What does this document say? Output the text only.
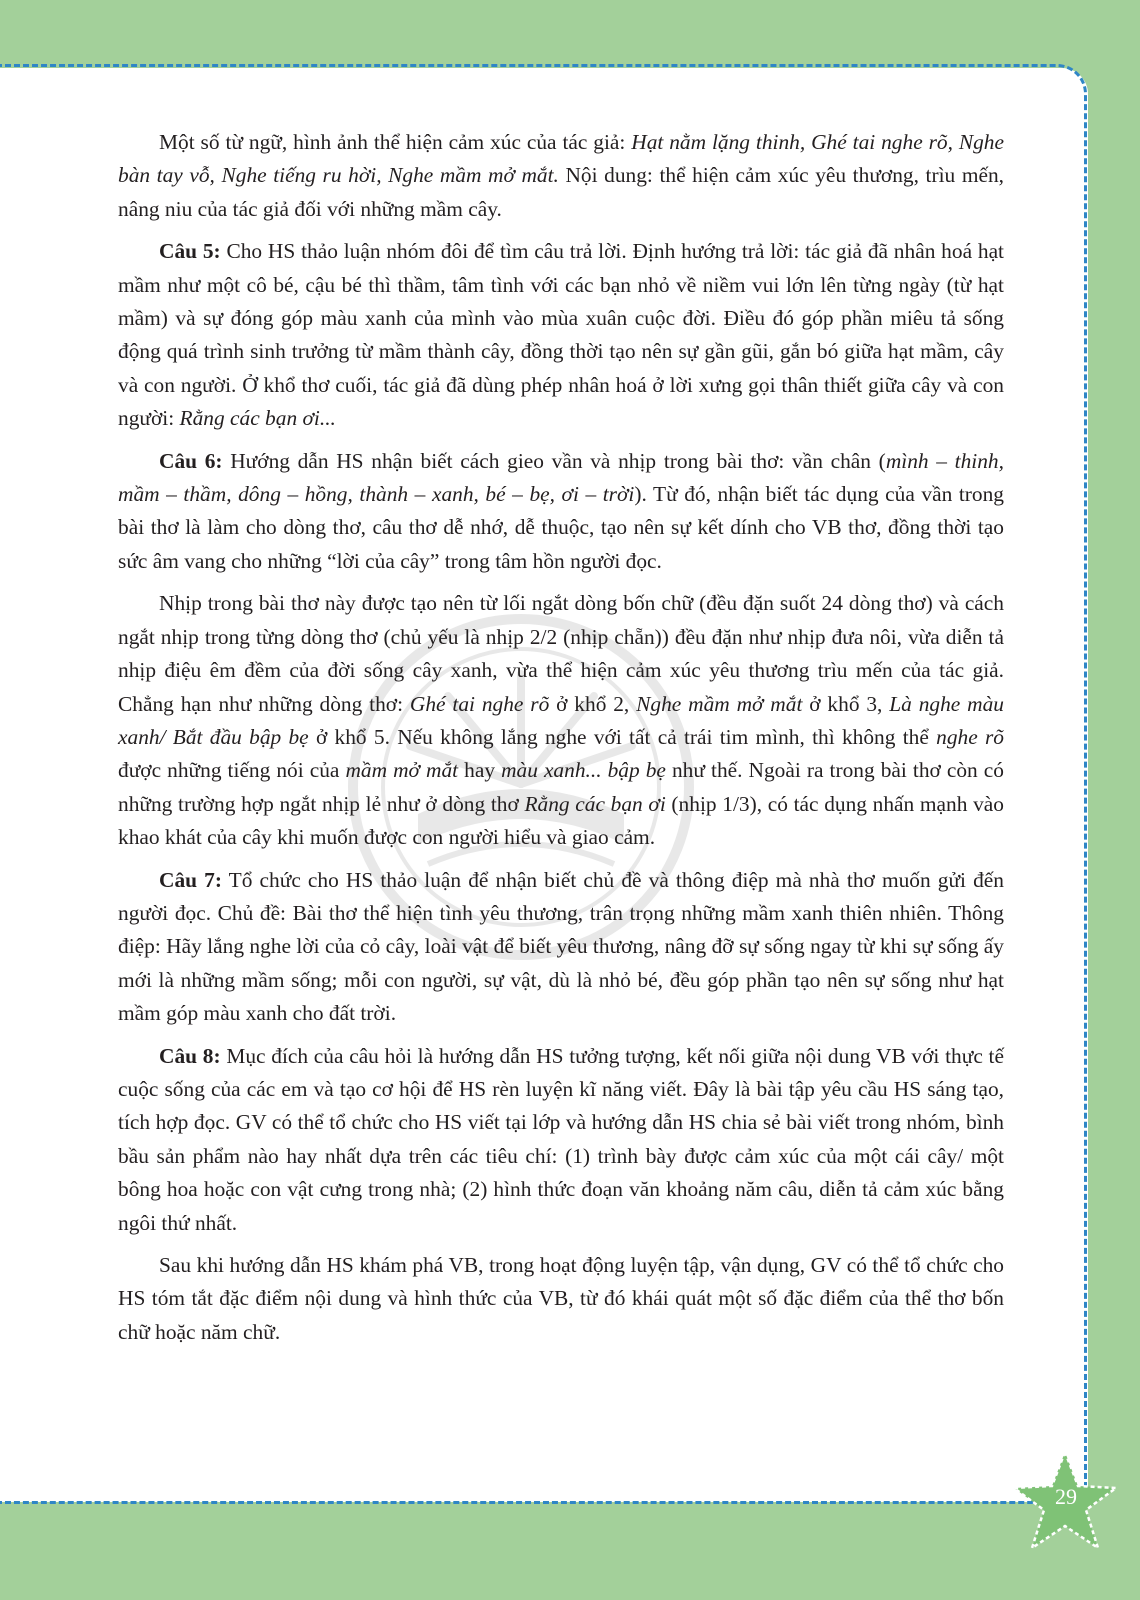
Một số từ ngữ, hình ảnh thể hiện cảm xúc của tác giả: Hạt nằm lặng thinh, Ghé tai nghe rõ, Nghe bàn tay vỗ, Nghe tiếng ru hời, Nghe mầm mở mắt. Nội dung: thể hiện cảm xúc yêu thương, trìu mến, nâng niu của tác giả đối với những mầm cây.

Câu 5: Cho HS thảo luận nhóm đôi để tìm câu trả lời. Định hướng trả lời: tác giả đã nhân hoá hạt mầm như một cô bé, cậu bé thì thầm, tâm tình với các bạn nhỏ về niềm vui lớn lên từng ngày (từ hạt mầm) và sự đóng góp màu xanh của mình vào mùa xuân cuộc đời. Điều đó góp phần miêu tả sống động quá trình sinh trưởng từ mầm thành cây, đồng thời tạo nên sự gần gũi, gắn bó giữa hạt mầm, cây và con người. Ở khổ thơ cuối, tác giả đã dùng phép nhân hoá ở lời xưng gọi thân thiết giữa cây và con người: Rằng các bạn ơi...

Câu 6: Hướng dẫn HS nhận biết cách gieo vần và nhịp trong bài thơ: vần chân (mình – thinh, mầm – thầm, dông – hồng, thành – xanh, bé – bẹ, ơi – trời). Từ đó, nhận biết tác dụng của vần trong bài thơ là làm cho dòng thơ, câu thơ dễ nhớ, dễ thuộc, tạo nên sự kết dính cho VB thơ, đồng thời tạo sức âm vang cho những “lời của cây” trong tâm hồn người đọc.

Nhịp trong bài thơ này được tạo nên từ lối ngắt dòng bốn chữ (đều đặn suốt 24 dòng thơ) và cách ngắt nhịp trong từng dòng thơ (chủ yếu là nhịp 2/2 (nhịp chẵn)) đều đặn như nhịp đưa nôi, vừa diễn tả nhịp điệu êm đềm của đời sống cây xanh, vừa thể hiện cảm xúc yêu thương trìu mến của tác giả. Chẳng hạn như những dòng thơ: Ghé tai nghe rõ ở khổ 2, Nghe mầm mở mắt ở khổ 3, Là nghe màu xanh/ Bắt đầu bập bẹ ở khổ 5. Nếu không lắng nghe với tất cả trái tim mình, thì không thể nghe rõ được những tiếng nói của mầm mở mắt hay màu xanh... bập bẹ như thế. Ngoài ra trong bài thơ còn có những trường hợp ngắt nhịp lẻ như ở dòng thơ Rằng các bạn ơi (nhịp 1/3), có tác dụng nhấn mạnh vào khao khát của cây khi muốn được con người hiểu và giao cảm.

Câu 7: Tổ chức cho HS thảo luận để nhận biết chủ đề và thông điệp mà nhà thơ muốn gửi đến người đọc. Chủ đề: Bài thơ thể hiện tình yêu thương, trân trọng những mầm xanh thiên nhiên. Thông điệp: Hãy lắng nghe lời của cỏ cây, loài vật để biết yêu thương, nâng đỡ sự sống ngay từ khi sự sống ấy mới là những mầm sống; mỗi con người, sự vật, dù là nhỏ bé, đều góp phần tạo nên sự sống như hạt mầm góp màu xanh cho đất trời.

Câu 8: Mục đích của câu hỏi là hướng dẫn HS tưởng tượng, kết nối giữa nội dung VB với thực tế cuộc sống của các em và tạo cơ hội để HS rèn luyện kĩ năng viết. Đây là bài tập yêu cầu HS sáng tạo, tích hợp đọc. GV có thể tổ chức cho HS viết tại lớp và hướng dẫn HS chia sẻ bài viết trong nhóm, bình bầu sản phẩm nào hay nhất dựa trên các tiêu chí: (1) trình bày được cảm xúc của một cái cây/ một bông hoa hoặc con vật cưng trong nhà; (2) hình thức đoạn văn khoảng năm câu, diễn tả cảm xúc bằng ngôi thứ nhất.

Sau khi hướng dẫn HS khám phá VB, trong hoạt động luyện tập, vận dụng, GV có thể tổ chức cho HS tóm tắt đặc điểm nội dung và hình thức của VB, từ đó khái quát một số đặc điểm của thể thơ bốn chữ hoặc năm chữ.

29
